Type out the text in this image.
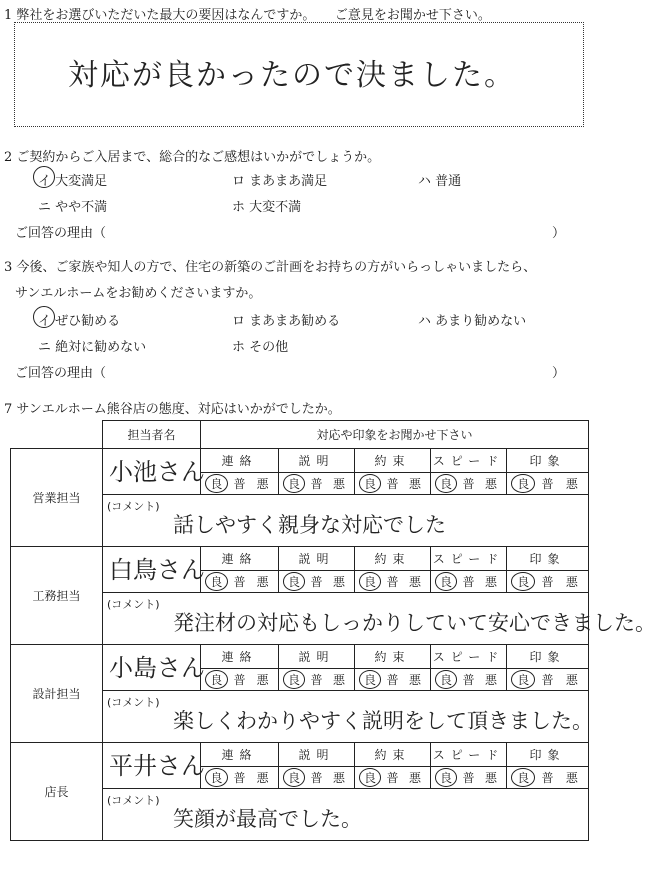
1 弊社をお選びいただいた最大の要因はなんですか。　　ご意見をお聞かせ下さい。
対応が良かったので決ました。
2 ご契約からご入居まで、総合的なご感想はいかがでしょうか。
イ 大変満足	ロ まあまあ満足	ハ 普通
ニ やや不満	ホ 大変不満
ご回答の理由（	）
3 今後、ご家族や知人の方で、住宅の新築のご計画をお持ちの方がいらっしゃいましたら、
サンエルホームをお勧めくださいますか。
イ ぜひ勧める	ロ まあまあ勧める	ハ あまり勧めない
ニ 絶対に勧めない	ホ その他
ご回答の理由（	）
7 サンエルホーム熊谷店の態度、対応はいかがでしたか。
	担当者名	対応や印象をお聞かせ下さい				
営業担当	小池さん	連絡	説明	約束	スピード	印象
		良 普 悪	良 普 悪	良 普 悪	良 普 悪	良 普 悪

	(コメント)
話しやすく親身な対応でした					

工務担当	白鳥さん	連絡	説明	約束	スピード	印象
		良 普 悪	良 普 悪	良 普 悪	良 普 悪	良 普 悪

	(コメント)
発注材の対応もしっかりしていて安心できました。					

設計担当	小島さん	連絡	説明	約束	スピード	印象
		良 普 悪	良 普 悪	良 普 悪	良 普 悪	良 普 悪

	(コメント)
楽しくわかりやすく説明をして頂きました。					

店長	平井さん	連絡	説明	約束	スピード	印象
		良 普 悪	良 普 悪	良 普 悪	良 普 悪	良 普 悪

	(コメント)
笑顔が最高でした。					
